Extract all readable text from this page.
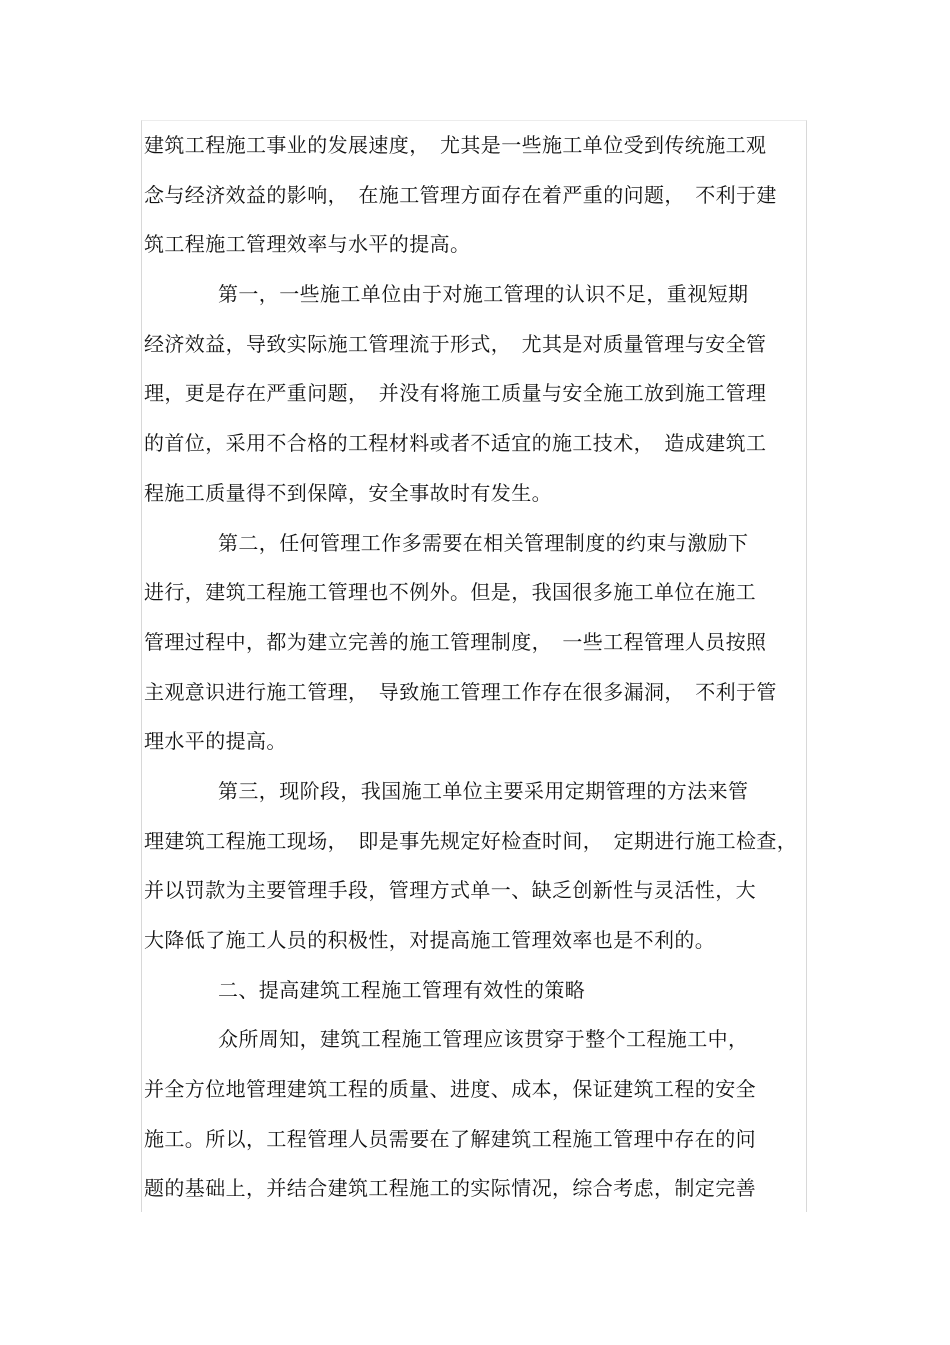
建筑工程施工事业的发展速度，　尤其是一些施工单位受到传统施工观
念与经济效益的影响，　在施工管理方面存在着严重的问题，　不利于建
筑工程施工管理效率与水平的提高。
第一，一些施工单位由于对施工管理的认识不足，重视短期
经济效益，导致实际施工管理流于形式，　尤其是对质量管理与安全管
理，更是存在严重问题，　并没有将施工质量与安全施工放到施工管理
的首位，采用不合格的工程材料或者不适宜的施工技术，　造成建筑工
程施工质量得不到保障，安全事故时有发生。
第二，任何管理工作多需要在相关管理制度的约束与激励下
进行，建筑工程施工管理也不例外。但是，我国很多施工单位在施工
管理过程中，都为建立完善的施工管理制度，　一些工程管理人员按照
主观意识进行施工管理，　导致施工管理工作存在很多漏洞，　不利于管
理水平的提高。
第三，现阶段，我国施工单位主要采用定期管理的方法来管
理建筑工程施工现场，　即是事先规定好检查时间，　定期进行施工检查，
并以罚款为主要管理手段，管理方式单一、缺乏创新性与灵活性，大
大降低了施工人员的积极性，对提高施工管理效率也是不利的。
二、提高建筑工程施工管理有效性的策略
众所周知，建筑工程施工管理应该贯穿于整个工程施工中，
并全方位地管理建筑工程的质量、进度、成本，保证建筑工程的安全
施工。所以，工程管理人员需要在了解建筑工程施工管理中存在的问
题的基础上，并结合建筑工程施工的实际情况，综合考虑，制定完善
